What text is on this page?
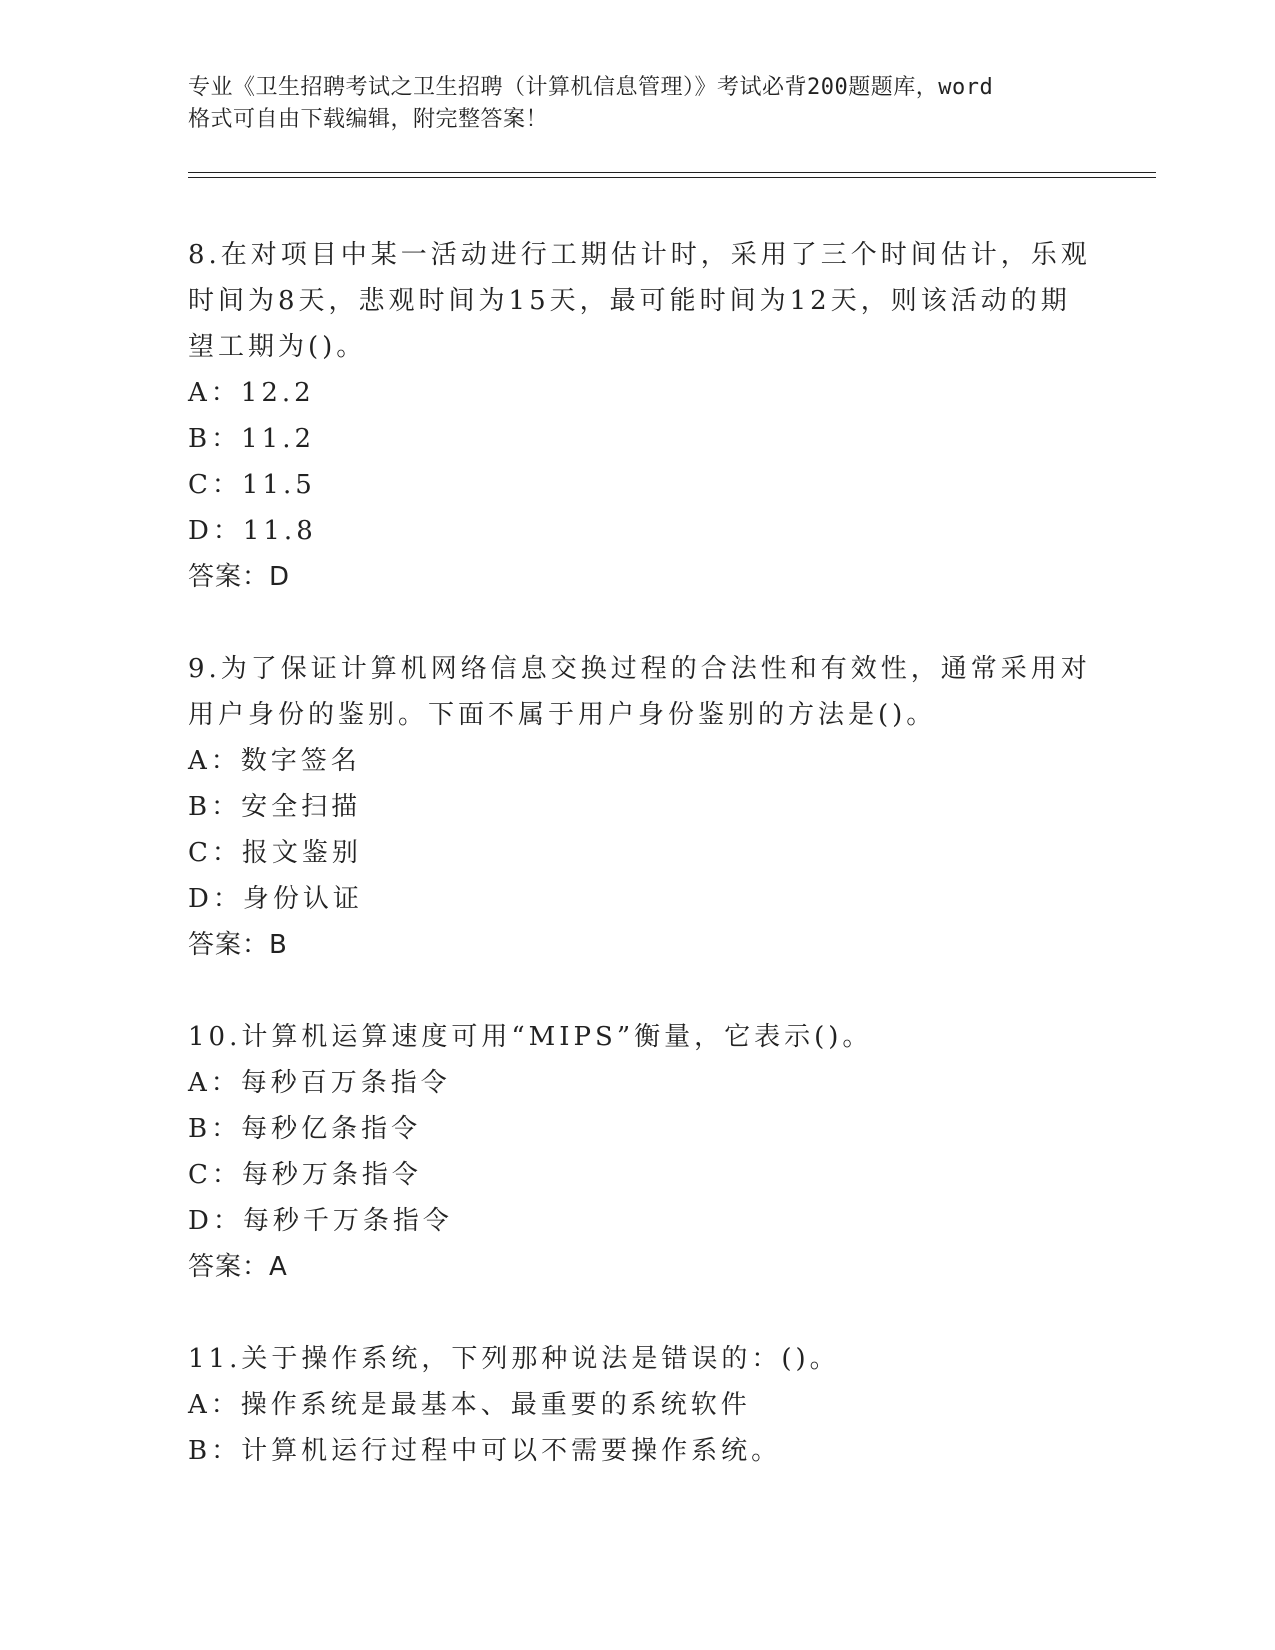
专业《卫生招聘考试之卫生招聘（计算机信息管理）》考试必背200题题库，word
格式可自由下载编辑，附完整答案！
8.在对项目中某一活动进行工期估计时，采用了三个时间估计，乐观
时间为8天，悲观时间为15天，最可能时间为12天，则该活动的期
望工期为()。
A：12.2
B：11.2
C：11.5
D：11.8
答案：D
9.为了保证计算机网络信息交换过程的合法性和有效性，通常采用对
用户身份的鉴别。下面不属于用户身份鉴别的方法是()。
A：数字签名
B：安全扫描
C：报文鉴别
D：身份认证
答案：B
10.计算机运算速度可用“MIPS”衡量，它表示()。
A：每秒百万条指令
B：每秒亿条指令
C：每秒万条指令
D：每秒千万条指令
答案：A
11.关于操作系统，下列那种说法是错误的：()。
A：操作系统是最基本、最重要的系统软件
B：计算机运行过程中可以不需要操作系统。
